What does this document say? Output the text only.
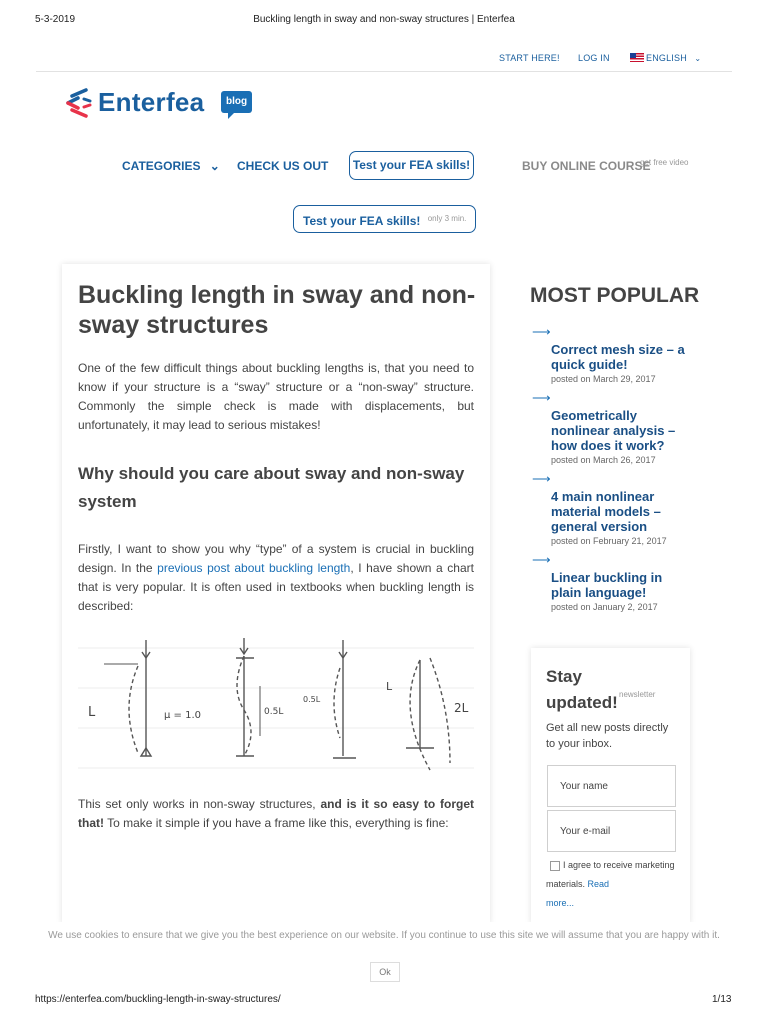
5-3-2019	Buckling length in sway and non-sway structures | Enterfea
START HERE! LOG IN	ENGLISH ⌄
Enterfea	blog
CATEGORIES ⌄ CHECK US OUT	Test your FEA skills!	BUY ONLINE COURSE
get free video
Test your FEA skills! $^{only 3 min.}$
Buckling length in sway and non-sway structures

One of the few difficult things about buckling lengths is, that you need to know if your structure is a “sway” structure or a “non-sway” structure. Commonly the simple check is made with displacements, but unfortunately, it may lead to serious mistakes!

Why should you care about sway and non-sway system

Firstly, I want to show you why “type” of a system is crucial in buckling design. In the previous post about buckling length, I have shown a chart that is very popular. It is often used in textbooks when buckling length is described:

L	μ = 1.0	0.5L
0.5L
L
2L

This set only works in non-sway structures, and is it so easy to forget that! To make it simple if you have a frame like this, everything is fine:

MOST POPULAR
⟶
Correct mesh size – a quick guide!
posted on March 29, 2017
⟶
Geometrically nonlinear analysis – how does it work?
posted on March 26, 2017
⟶
4 main nonlinear material models – general version
posted on February 21, 2017
⟶
Linear buckling in plain language!
posted on January 2, 2017
Stay
updated! newsletter
Get all new posts directly to your inbox.
Your name
Your e-mail
I agree to receive marketing materials. Read
more...
We use cookies to ensure that we give you the best experience on our website. If you continue to use this site we will assume that you are happy with it.
Ok
https://enterfea.com/buckling-length-in-sway-structures/	1/13
